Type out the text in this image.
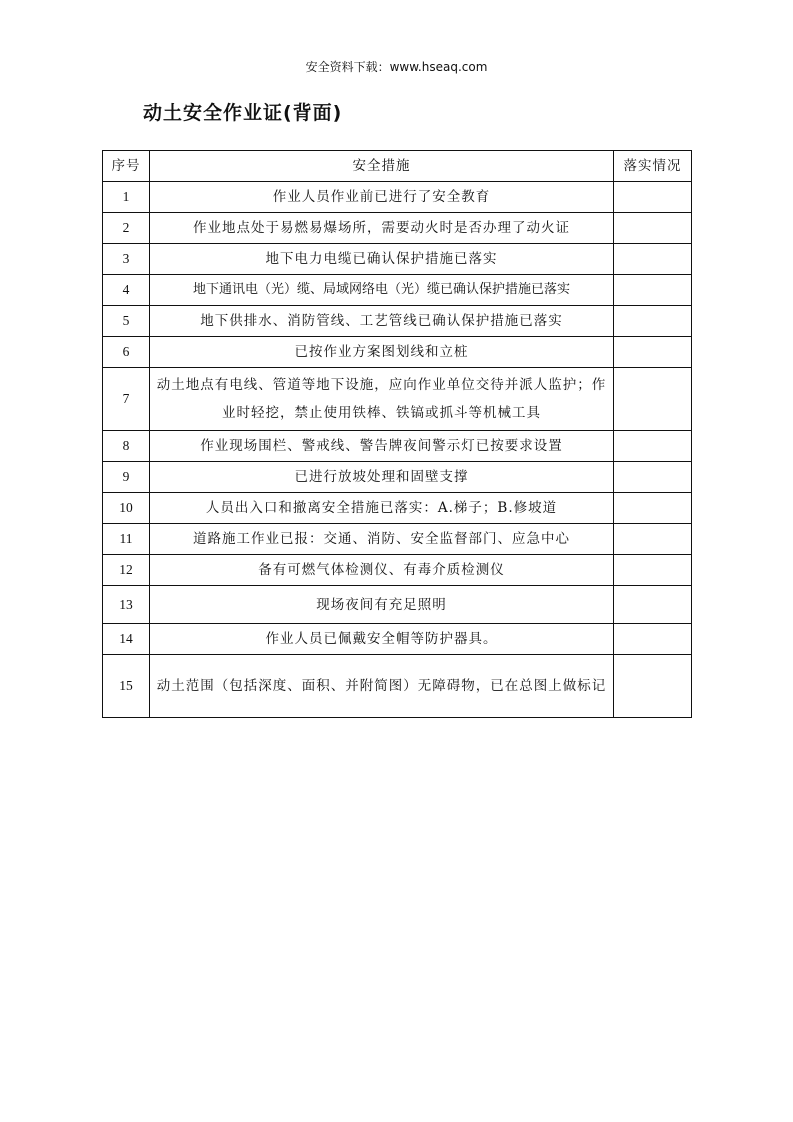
安全资料下载：www.hseaq.com
动土安全作业证(背面)
序号	安全措施	落实情况
1	作业人员作业前已进行了安全教育	
2	作业地点处于易燃易爆场所，需要动火时是否办理了动火证	
3	地下电力电缆已确认保护措施已落实	
4	地下通讯电（光）缆、局域网络电（光）缆已确认保护措施已落实	
5	地下供排水、消防管线、工艺管线已确认保护措施已落实	
6	已按作业方案图划线和立桩	
7	动土地点有电线、管道等地下设施，应向作业单位交待并派人监护；作业时轻挖，禁止使用铁棒、铁镐或抓斗等机械工具	
8	作业现场围栏、警戒线、警告牌夜间警示灯已按要求设置	
9	已进行放坡处理和固壁支撑	
10	人员出入口和撤离安全措施已落实：A.梯子；B.修坡道	
11	道路施工作业已报：交通、消防、安全监督部门、应急中心	
12	备有可燃气体检测仪、有毒介质检测仪	
13	现场夜间有充足照明	
14	作业人员已佩戴安全帽等防护器具。	
15	动土范围（包括深度、面积、并附简图）无障碍物，已在总图上做标记	
